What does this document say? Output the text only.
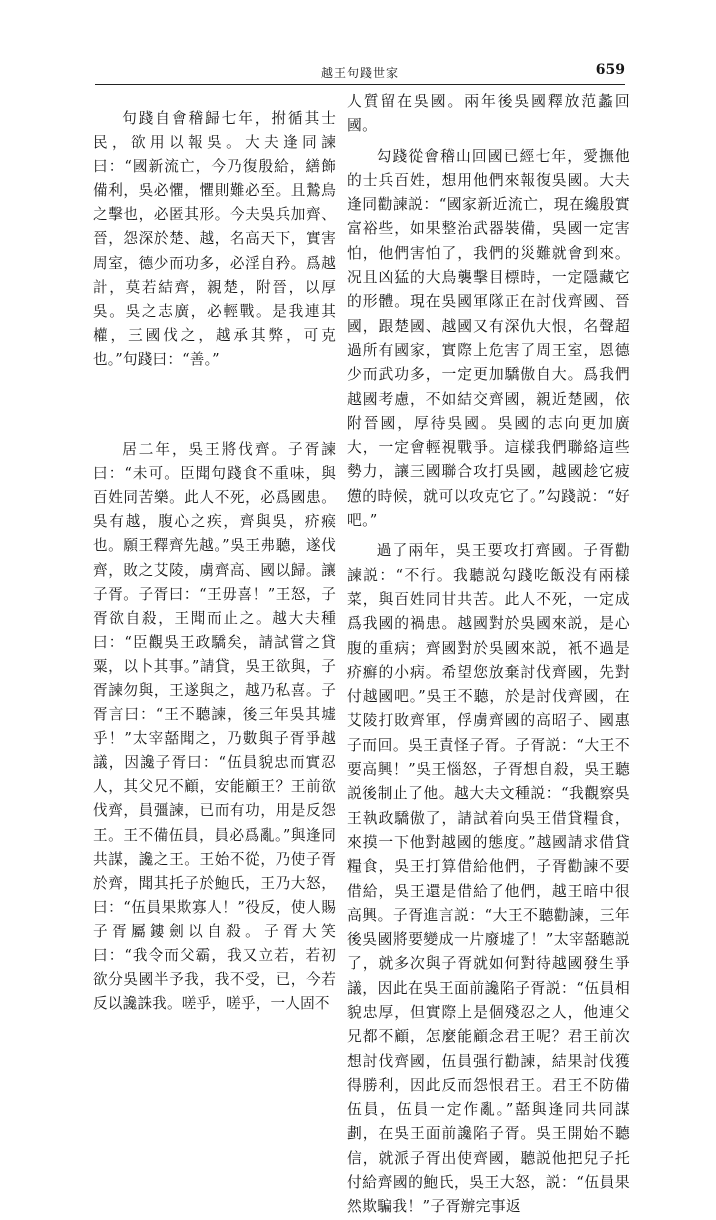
越王句踐世家	659

句踐自會稽歸七年，拊循其士民，欲用以報吳。大夫逢同諫曰：“國新流亡，今乃復殷給，繕飾備利，吳必懼，懼則難必至。且鷙鳥之擊也，必匿其形。今夫吳兵加齊、晉，怨深於楚、越，名高天下，實害周室，德少而功多，必淫自矜。爲越計，莫若結齊，親楚，附晉，以厚吳。吳之志廣，必輕戰。是我連其權，三國伐之，越承其弊，可克也。”句踐曰：“善。”

居二年，吳王將伐齊。子胥諫曰：“未可。臣聞句踐食不重味，與百姓同苦樂。此人不死，必爲國患。吳有越，腹心之疾，齊與吳，疥瘊也。願王釋齊先越。”吳王弗聽，遂伐齊，敗之艾陵，虜齊高、國以歸。讓子胥。子胥曰：“王毋喜！”王怒，子胥欲自殺，王聞而止之。越大夫種曰：“臣觀吳王政驕矣，請試嘗之貸粟，以卜其事。”請貸，吳王欲與，子胥諫勿與，王遂與之，越乃私喜。子胥言曰：“王不聽諫，後三年吳其墟乎！”太宰嚭聞之，乃數與子胥爭越議，因讒子胥曰：“伍員貌忠而實忍人，其父兄不顧，安能顧王？王前欲伐齊，員彊諫，已而有功，用是反怨王。王不備伍員，員必爲亂。”與逢同共謀，讒之王。王始不從，乃使子胥於齊，聞其托子於鮑氏，王乃大怒，曰：“伍員果欺寡人！”役反，使人賜子胥屬鏤劍以自殺。子胥大笑曰：“我令而父霸，我又立若，若初欲分吳國半予我，我不受，已，今若反以讒誅我。嗟乎，嗟乎，一人固不

人質留在吳國。兩年後吳國釋放范蠡回國。

勾踐從會稽山回國已經七年，愛撫他的士兵百姓，想用他們來報復吳國。大夫逢同勸諫説：“國家新近流亡，現在纔殷實富裕些，如果整治武器裝備，吳國一定害怕，他們害怕了，我們的災難就會到來。况且凶猛的大鳥襲擊目標時，一定隱藏它的形體。現在吳國軍隊正在討伐齊國、晉國，跟楚國、越國又有深仇大恨，名聲超過所有國家，實際上危害了周王室，恩德少而武功多，一定更加驕傲自大。爲我們越國考慮，不如結交齊國，親近楚國，依附晉國，厚待吳國。吳國的志向更加廣大，一定會輕視戰爭。這樣我們聯絡這些勢力，讓三國聯合攻打吳國，越國趁它疲憊的時候，就可以攻克它了。”勾踐説：“好吧。”

過了兩年，吳王要攻打齊國。子胥勸諫説：“不行。我聽説勾踐吃飯没有兩樣菜，與百姓同甘共苦。此人不死，一定成爲我國的禍患。越國對於吳國來説，是心腹的重病；齊國對於吳國來説，衹不過是疥癬的小病。希望您放棄討伐齊國，先對付越國吧。”吳王不聽，於是討伐齊國，在艾陵打敗齊軍，俘虜齊國的高昭子、國惠子而回。吳王責怪子胥。子胥説：“大王不要高興！”吳王惱怒，子胥想自殺，吳王聽説後制止了他。越大夫文種説：“我觀察吳王執政驕傲了，請試着向吳王借貸糧食，來摸一下他對越國的態度。”越國請求借貸糧食，吳王打算借給他們，子胥勸諫不要借給，吳王還是借給了他們，越王暗中很高興。子胥進言説：“大王不聽勸諫，三年後吳國將要變成一片廢墟了！”太宰嚭聽説了，就多次與子胥就如何對待越國發生爭議，因此在吳王面前讒陷子胥説：“伍員相貌忠厚，但實際上是個殘忍之人，他連父兄都不顧，怎麼能顧念君王呢？君王前次想討伐齊國，伍員强行勸諫，結果討伐獲得勝利，因此反而怨恨君王。君王不防備伍員，伍員一定作亂。”嚭與逢同共同謀劃，在吳王面前讒陷子胥。吳王開始不聽信，就派子胥出使齊國，聽説他把兒子托付給齊國的鮑氏，吳王大怒，説：“伍員果然欺騙我！”子胥辦完事返
